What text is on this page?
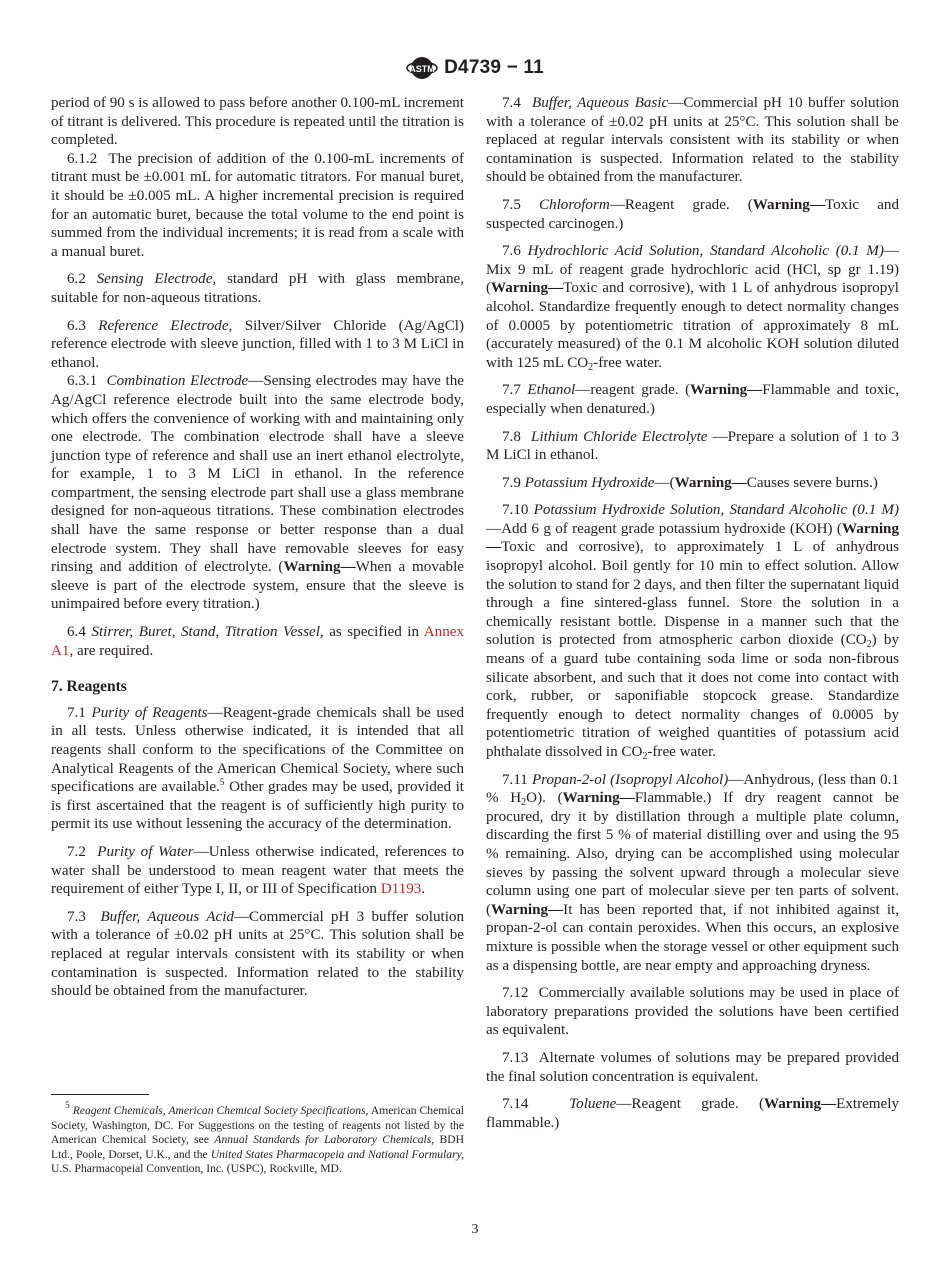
ASTM D4739 − 11

period of 90 s is allowed to pass before another 0.100-mL increment of titrant is delivered. This procedure is repeated until the titration is completed.

6.1.2 The precision of addition of the 0.100-mL increments of titrant must be ±0.001 mL for automatic titrators. For manual buret, it should be ±0.005 mL. A higher incremental precision is required for an automatic buret, because the total volume to the end point is summed from the individual increments; it is read from a scale with a manual buret.

6.2 Sensing Electrode, standard pH with glass membrane, suitable for non-aqueous titrations.

6.3 Reference Electrode, Silver/Silver Chloride (Ag/AgCl) reference electrode with sleeve junction, filled with 1 to 3 M LiCl in ethanol.

6.3.1 Combination Electrode—Sensing electrodes may have the Ag/AgCl reference electrode built into the same electrode body, which offers the convenience of working with and maintaining only one electrode. The combination electrode shall have a sleeve junction type of reference and shall use an inert ethanol electrolyte, for example, 1 to 3 M LiCl in ethanol. In the reference compartment, the sensing electrode part shall use a glass membrane designed for non-aqueous titrations. These combination electrodes shall have the same response or better response than a dual electrode system. They shall have removable sleeves for easy rinsing and addition of electrolyte. (Warning—When a movable sleeve is part of the electrode system, ensure that the sleeve is unimpaired before every titration.)

6.4 Stirrer, Buret, Stand, Titration Vessel, as specified in Annex A1, are required.

7. Reagents

7.1 Purity of Reagents—Reagent-grade chemicals shall be used in all tests. Unless otherwise indicated, it is intended that all reagents shall conform to the specifications of the Committee on Analytical Reagents of the American Chemical Society, where such specifications are available.$^5$ Other grades may be used, provided it is first ascertained that the reagent is of sufficiently high purity to permit its use without lessening the accuracy of the determination.

7.2 Purity of Water—Unless otherwise indicated, references to water shall be understood to mean reagent water that meets the requirement of either Type I, II, or III of Specification D1193.

7.3 Buffer, Aqueous Acid—Commercial pH 3 buffer solution with a tolerance of ±0.02 pH units at 25°C. This solution shall be replaced at regular intervals consistent with its stability or when contamination is suspected. Information related to the stability should be obtained from the manufacturer.

$^5$ Reagent Chemicals, American Chemical Society Specifications, American Chemical Society, Washington, DC. For Suggestions on the testing of reagents not listed by the American Chemical Society, see Annual Standards for Laboratory Chemicals, BDH Ltd., Poole, Dorset, U.K., and the United States Pharmacopeia and National Formulary, U.S. Pharmacopeial Convention, Inc. (USPC), Rockville, MD.

7.4 Buffer, Aqueous Basic—Commercial pH 10 buffer solution with a tolerance of ±0.02 pH units at 25°C. This solution shall be replaced at regular intervals consistent with its stability or when contamination is suspected. Information related to the stability should be obtained from the manufacturer.

7.5 Chloroform—Reagent grade. (Warning—Toxic and suspected carcinogen.)

7.6 Hydrochloric Acid Solution, Standard Alcoholic (0.1 M)—Mix 9 mL of reagent grade hydrochloric acid (HCl, sp gr 1.19) (Warning—Toxic and corrosive), with 1 L of anhydrous isopropyl alcohol. Standardize frequently enough to detect normality changes of 0.0005 by potentiometric titration of approximately 8 mL (accurately measured) of the 0.1 M alcoholic KOH solution diluted with 125 mL $CO_2$-free water.

7.7 Ethanol—reagent grade. (Warning—Flammable and toxic, especially when denatured.)

7.8 Lithium Chloride Electrolyte —Prepare a solution of 1 to 3 M LiCl in ethanol.

7.9 Potassium Hydroxide—(Warning—Causes severe burns.)

7.10 Potassium Hydroxide Solution, Standard Alcoholic (0.1 M)—Add 6 g of reagent grade potassium hydroxide (KOH) (Warning—Toxic and corrosive), to approximately 1 L of anhydrous isopropyl alcohol. Boil gently for 10 min to effect solution. Allow the solution to stand for 2 days, and then filter the supernatant liquid through a fine sintered-glass funnel. Store the solution in a chemically resistant bottle. Dispense in a manner such that the solution is protected from atmospheric carbon dioxide $(CO_2)$ by means of a guard tube containing soda lime or soda non-fibrous silicate absorbent, and such that it does not come into contact with cork, rubber, or saponifiable stopcock grease. Standardize frequently enough to detect normality changes of 0.0005 by potentiometric titration of weighed quantities of potassium acid phthalate dissolved in $CO_2$-free water.

7.11 Propan-2-ol (Isopropyl Alcohol)—Anhydrous, (less than 0.1 % $H_2O$). (Warning—Flammable.) If dry reagent cannot be procured, dry it by distillation through a multiple plate column, discarding the first 5 % of material distilling over and using the 95 % remaining. Also, drying can be accomplished using molecular sieves by passing the solvent upward through a molecular sieve column using one part of molecular sieve per ten parts of solvent. (Warning—It has been reported that, if not inhibited against it, propan-2-ol can contain peroxides. When this occurs, an explosive mixture is possible when the storage vessel or other equipment such as a dispensing bottle, are near empty and approaching dryness.

7.12 Commercially available solutions may be used in place of laboratory preparations provided the solutions have been certified as equivalent.

7.13 Alternate volumes of solutions may be prepared provided the final solution concentration is equivalent.

7.14	Toluene—Reagent grade. (Warning—Extremely flammable.)

3
